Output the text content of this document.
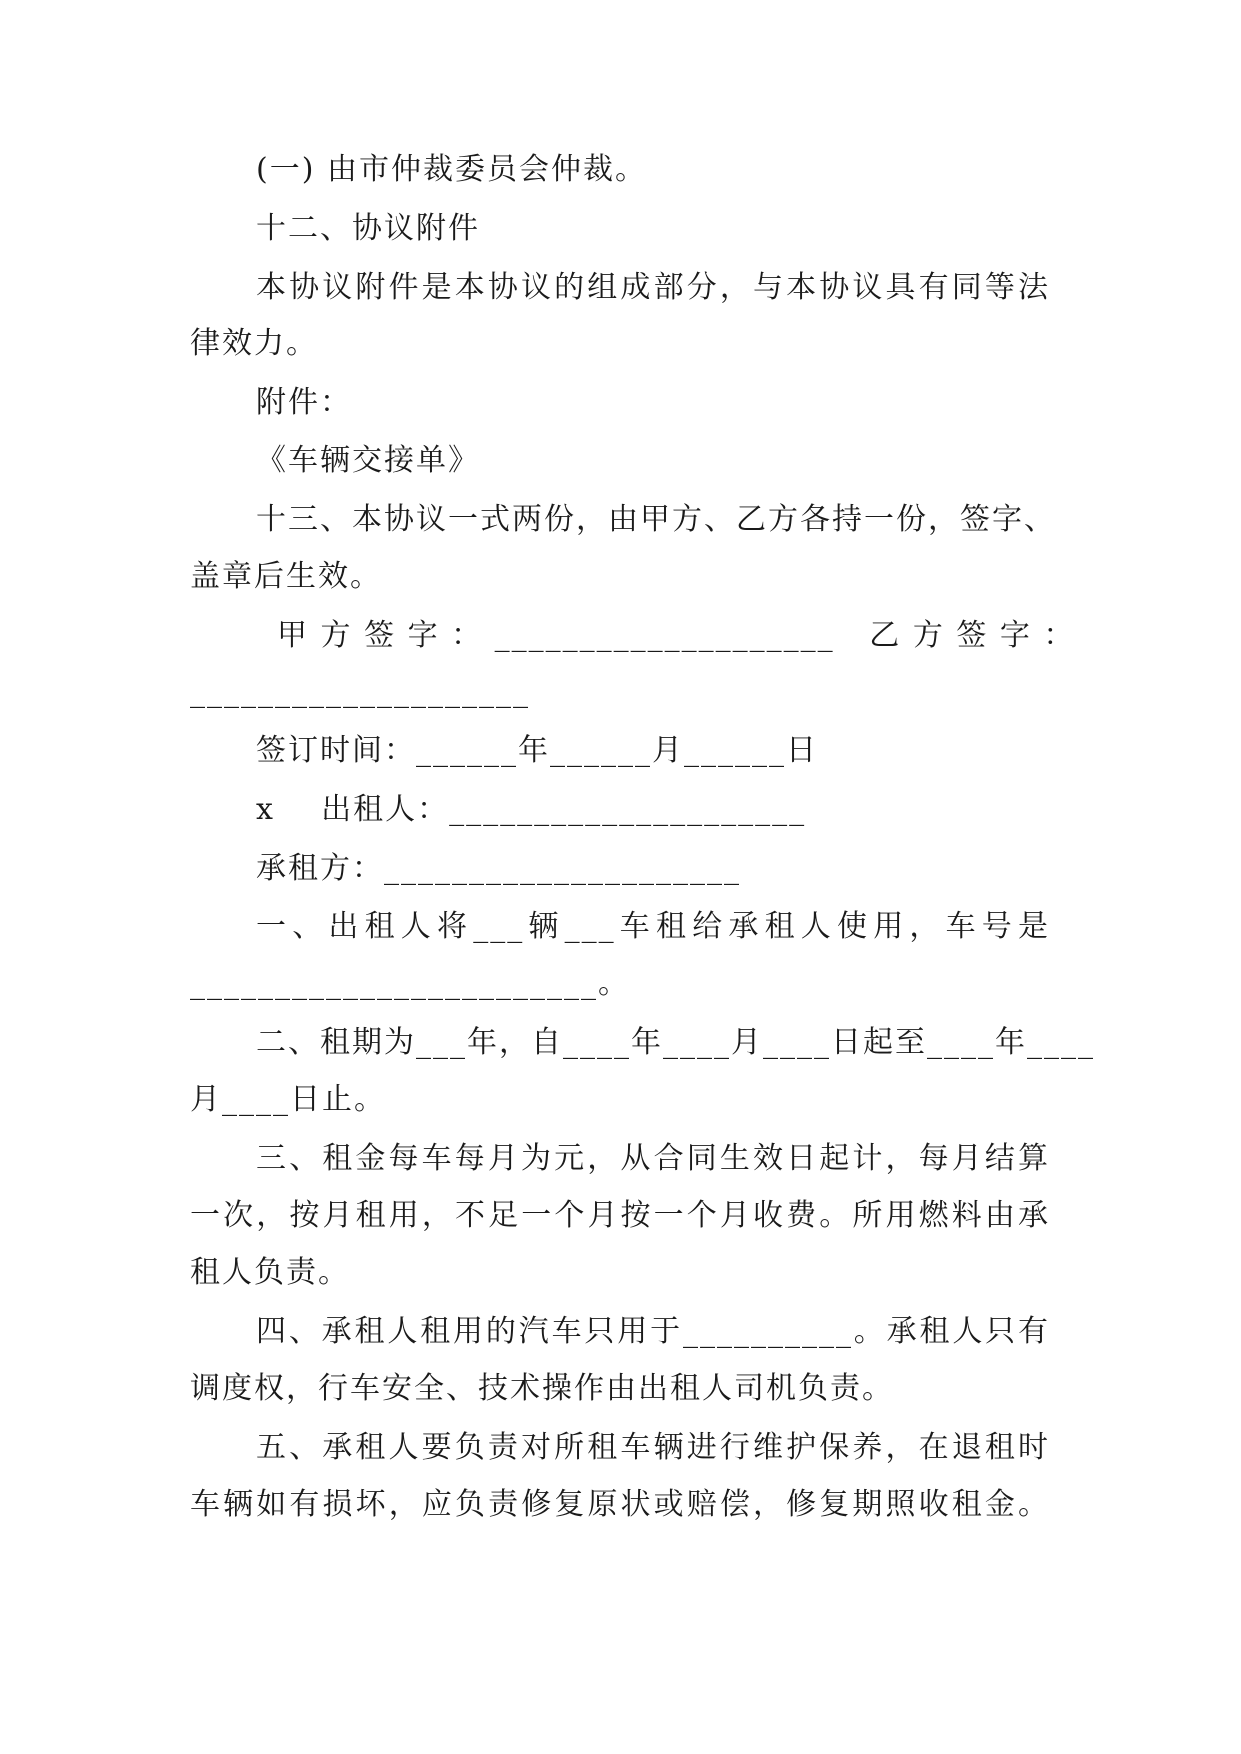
(一) 由市仲裁委员会仲裁。
十二、协议附件
本协议附件是本协议的组成部分，与本协议具有同等法
律效力。
附件：
《车辆交接单》
十三、本协议一式两份，由甲方、乙方各持一份，签字、
盖章后生效。
甲 方 签 字 ： ____________________   乙 方 签 字 ：
____________________
签订时间：______年______月______日
x    出租人：_____________________
承租方：_____________________
一、出租人将___辆___车租给承租人使用，车号是
________________________。
二、租期为___年，自____年____月____日起至____年____
月____日止。
三、租金每车每月为元，从合同生效日起计，每月结算
一次，按月租用，不足一个月按一个月收费。所用燃料由承
租人负责。
四、承租人租用的汽车只用于__________。承租人只有
调度权，行车安全、技术操作由出租人司机负责。
五、承租人要负责对所租车辆进行维护保养，在退租时
车辆如有损坏，应负责修复原状或赔偿，修复期照收租金。
